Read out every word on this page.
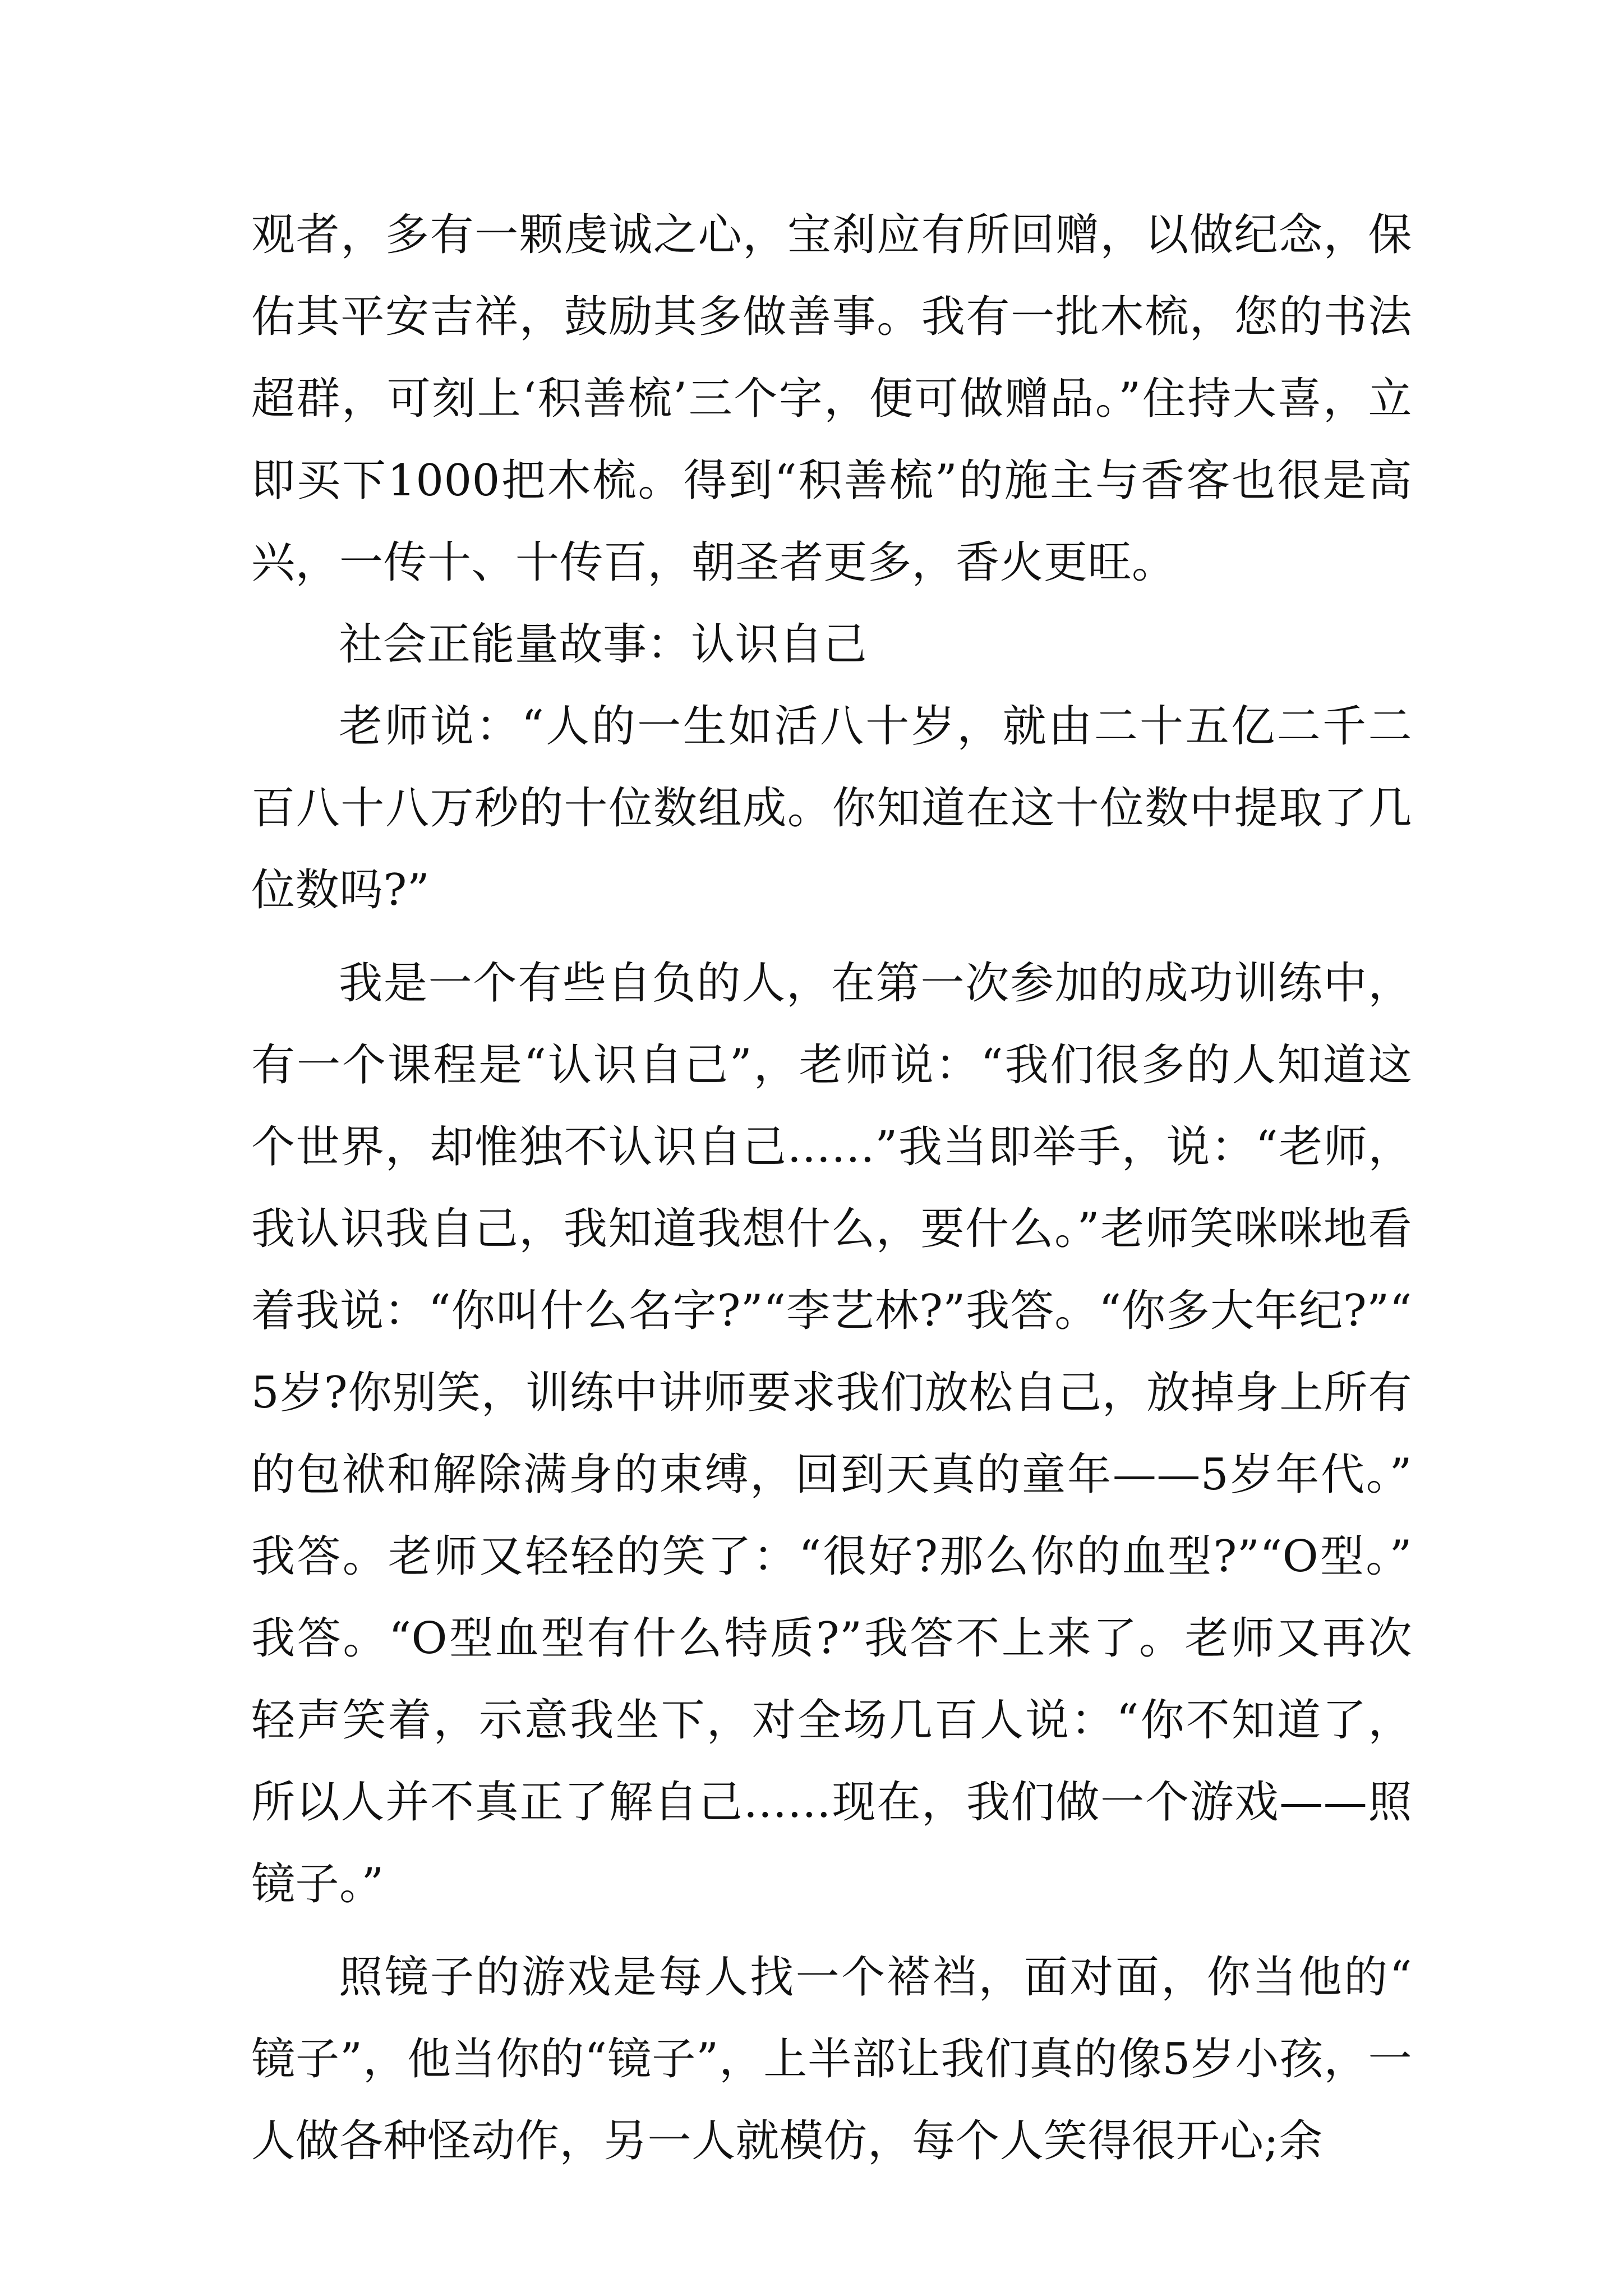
观者，多有一颗虔诚之心，宝刹应有所回赠，以做纪念，保佑其平安吉祥，鼓励其多做善事。我有一批木梳，您的书法超群，可刻上‘积善梳’三个字，便可做赠品。”住持大喜，立即买下1000把木梳。得到“积善梳”的施主与香客也很是高兴，一传十、十传百，朝圣者更多，香火更旺。

社会正能量故事：认识自己

老师说：“人的一生如活八十岁，就由二十五亿二千二百八十八万秒的十位数组成。你知道在这十位数中提取了几位数吗?”

我是一个有些自负的人，在第一次参加的成功训练中，有一个课程是“认识自己”，老师说：“我们很多的人知道这个世界，却惟独不认识自己……”我当即举手，说：“老师，我认识我自己，我知道我想什么，要什么。”老师笑咪咪地看着我说：“你叫什么名字?”“李艺林?”我答。“你多大年纪?”“5岁?你别笑，训练中讲师要求我们放松自己，放掉身上所有的包袱和解除满身的束缚，回到天真的童年——5岁年代。”我答。老师又轻轻的笑了：“很好?那么你的血型?”“O型。”我答。“O型血型有什么特质?”我答不上来了。老师又再次轻声笑着，示意我坐下，对全场几百人说：“你不知道了，所以人并不真正了解自己……现在，我们做一个游戏——照镜子。”

照镜子的游戏是每人找一个褡裆，面对面，你当他的“镜子”，他当你的“镜子”，上半部让我们真的像5岁小孩，一人做各种怪动作，另一人就模仿，每个人笑得很开心;余
